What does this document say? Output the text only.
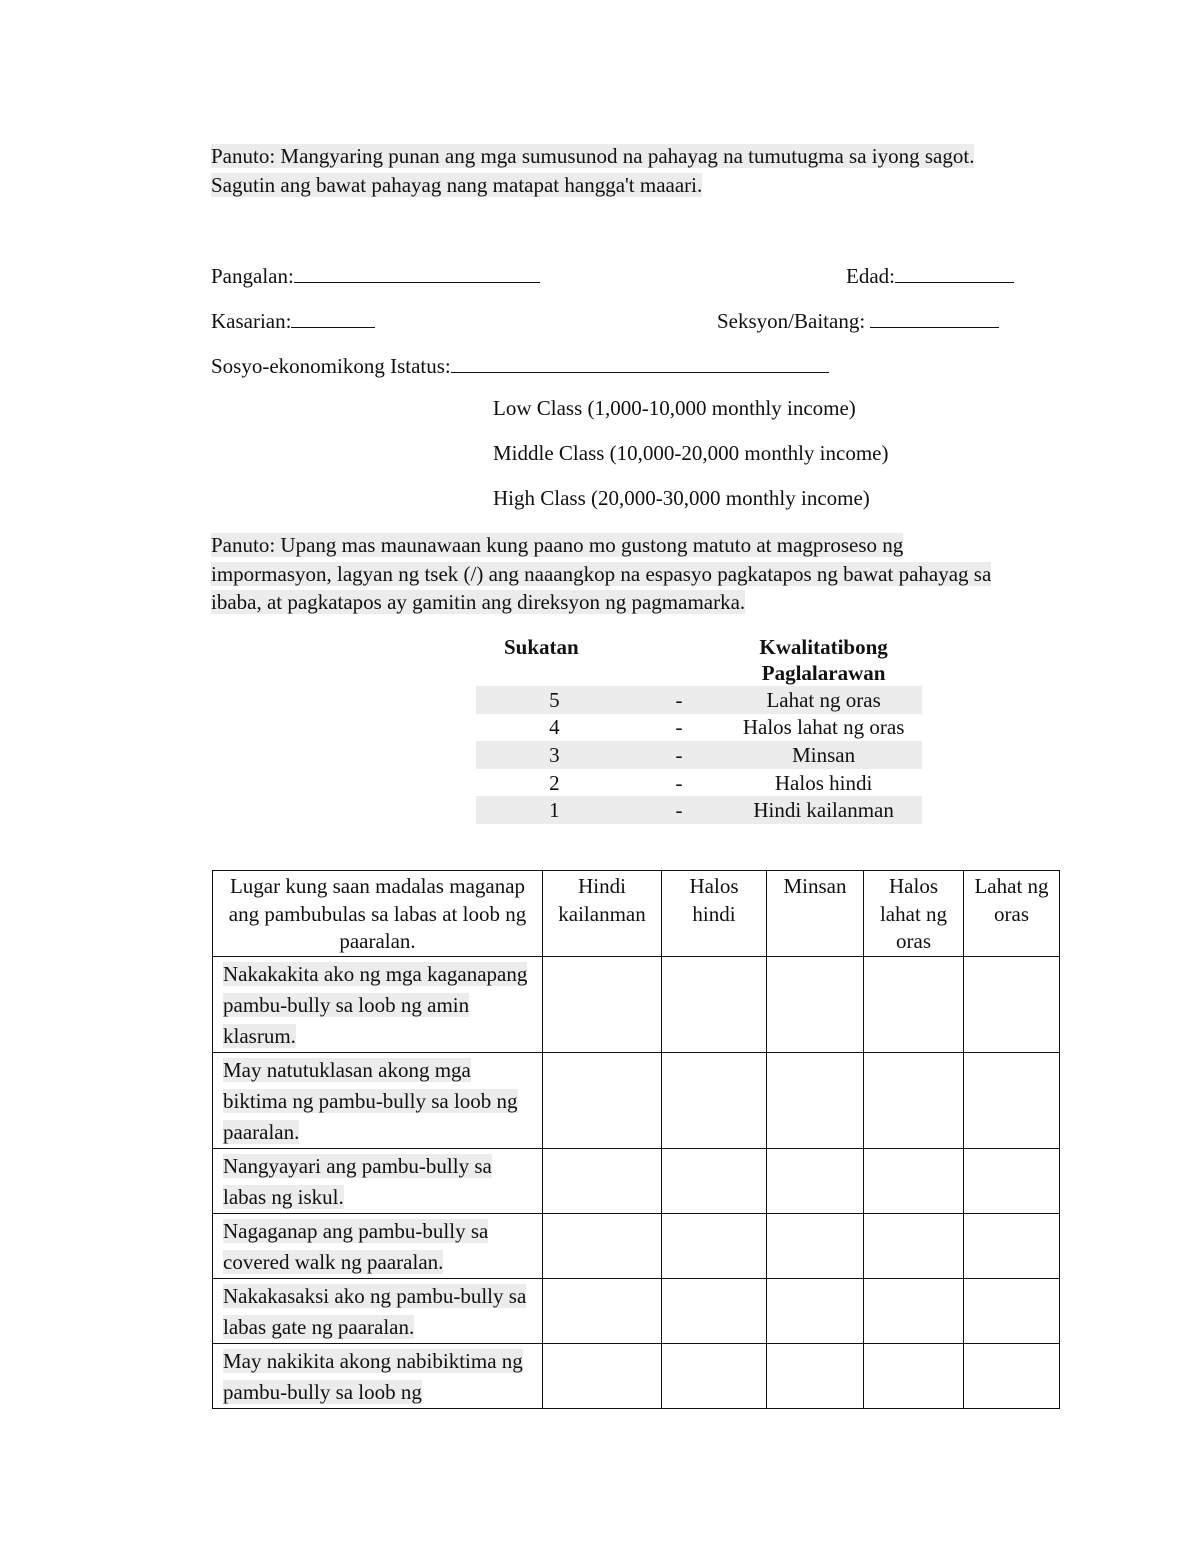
Panuto: Mangyaring punan ang mga sumusunod na pahayag na tumutugma sa iyong sagot. Sagutin ang bawat pahayag nang matapat hangga't maaari.

Pangalan:	Edad:
Kasarian:	Seksyon/Baitang:
Sosyo-ekonomikong Istatus:
Low Class (1,000-10,000 monthly income)
Middle Class (10,000-20,000 monthly income)
High Class (20,000-30,000 monthly income)

Panuto: Upang mas maunawaan kung paano mo gustong matuto at magproseso ng impormasyon, lagyan ng tsek (/) ang naaangkop na espasyo pagkatapos ng bawat pahayag sa ibaba, at pagkatapos ay gamitin ang direksyon ng pagmamarka.

Sukatan		Kwalitatibong Paglalarawan
5	-	Lahat ng oras
4	-	Halos lahat ng oras
3	-	Minsan
2	-	Halos hindi
1	-	Hindi kailanman
Lugar kung saan madalas maganap ang pambubulas sa labas at loob ng paaralan.	Hindi kailanman	Halos hindi	Minsan	Halos lahat ng oras	Lahat ng oras
Nakakakita ako ng mga kaganapang pambu-bully sa loob ng amin klasrum.					
May natutuklasan akong mga biktima ng pambu-bully sa loob ng paaralan.					
Nangyayari ang pambu-bully sa labas ng iskul.					
Nagaganap ang pambu-bully sa covered walk ng paaralan.					
Nakakasaksi ako ng pambu-bully sa labas gate ng paaralan.					
May nakikita akong nabibiktima ng pambu-bully sa loob ng					
